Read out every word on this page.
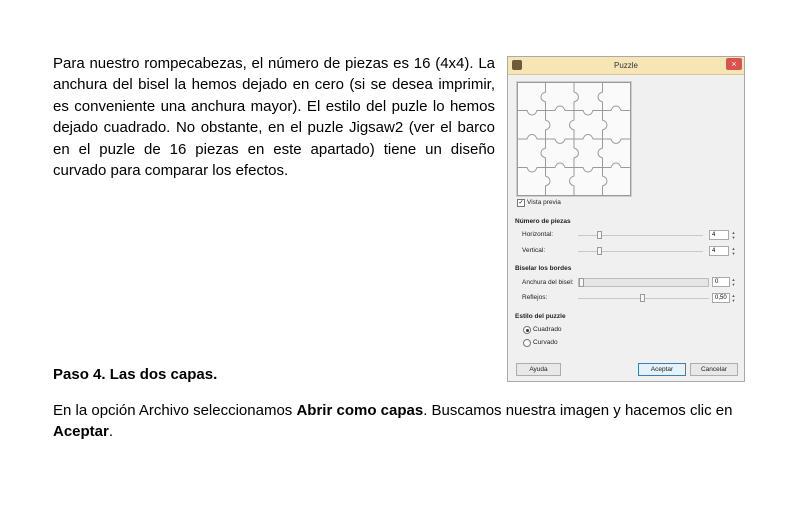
Para nuestro rompecabezas, el número de piezas es 16 (4x4). La anchura del bisel la hemos dejado en cero (si se desea imprimir, es conveniente una anchura mayor). El estilo del puzle lo hemos dejado cuadrado. No obstante, en el puzle Jigsaw2 (ver el barco en el puzle de 16 piezas en este apartado) tiene un diseño curvado para comparar los efectos.

Paso 4. Las dos capas.

En la opción Archivo seleccionamos Abrir como capas. Buscamos nuestra imagen y hacemos clic en Aceptar.

Puzzle	×
✓ Vista previa
Número de piezas
Horizontal:	4	▲
▼
Vertical:	4	▲
▼
Biselar los bordes
Anchura del bisel:	0	▲
▼
Reflejos:	0,50	▲
▼
Estilo del puzzle
Cuadrado
Curvado
Ayuda	Aceptar	Cancelar
